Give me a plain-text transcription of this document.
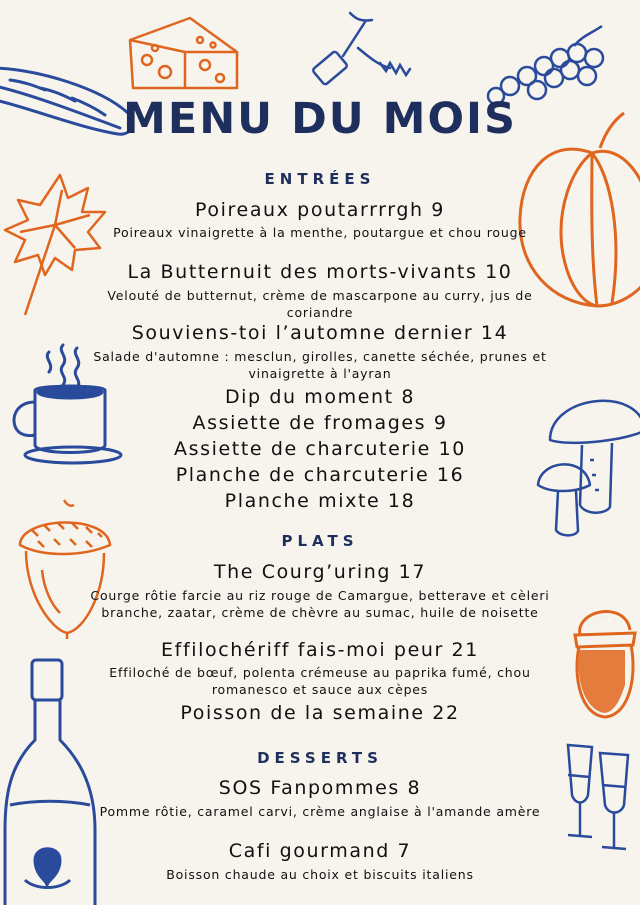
MENU DU MOIS
ENTRÉES
Poireaux poutarrrrgh 9
Poireaux vinaigrette à la menthe, poutargue et chou rouge
La Butternuit des morts-vivants 10
Velouté de butternut, crème de mascarpone au curry, jus de coriandre
Souviens-toi l’automne dernier 14
Salade d'automne : mesclun, girolles, canette séchée, prunes et vinaigrette à l'ayran
Dip du moment 8
Assiette de fromages 9
Assiette de charcuterie 10
Planche de charcuterie 16
Planche mixte 18
PLATS
The Courg’uring 17
Courge rôtie farcie au riz rouge de Camargue, betterave et cèleri branche, zaatar, crème de chèvre au sumac, huile de noisette
Effilochériff fais-moi peur 21
Effiloché de bœuf, polenta crémeuse au paprika fumé, chou romanesco et sauce aux cèpes
Poisson de la semaine 22
DESSERTS
SOS Fanpommes 8
Pomme rôtie, caramel carvi, crème anglaise à l'amande amère
Cafi gourmand 7
Boisson chaude au choix et biscuits italiens
